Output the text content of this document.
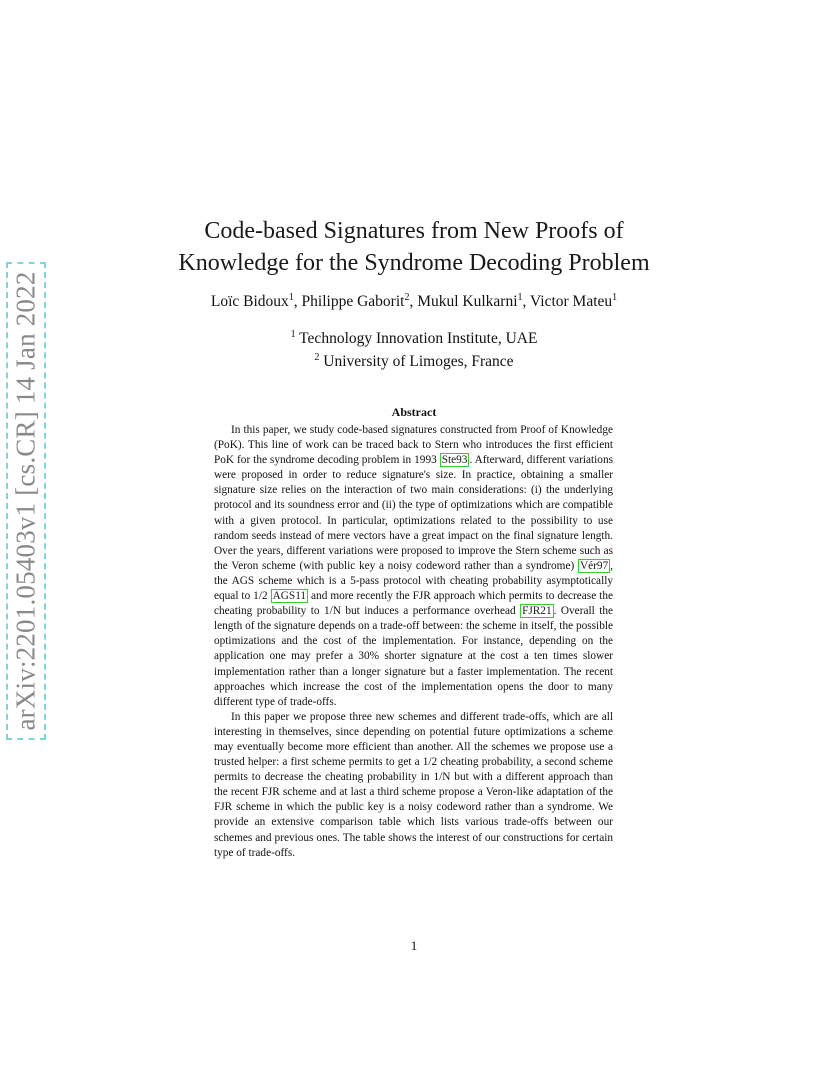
arXiv:2201.05403v1 [cs.CR] 14 Jan 2022
Code-based Signatures from New Proofs of
Knowledge for the Syndrome Decoding Problem
Loïc Bidoux$^1$, Philippe Gaborit$^2$, Mukul Kulkarni$^1$, Victor Mateu$^1$
$^1$ Technology Innovation Institute, UAE
$^2$ University of Limoges, France
Abstract

In this paper, we study code-based signatures constructed from Proof of Knowledge (PoK). This line of work can be traced back to Stern who introduces the first efficient PoK for the syndrome decoding problem in 1993 Ste93 . Afterward, different variations were proposed in order to reduce signature's size. In practice, obtaining a smaller signature size relies on the interaction of two main considerations: (i) the underlying protocol and its soundness error and (ii) the type of optimizations which are compatible with a given protocol. In particular, optimizations related to the possibility to use random seeds instead of mere vectors have a great impact on the final signature length. Over the years, different variations were proposed to improve the Stern scheme such as the Veron scheme (with public key a noisy codeword rather than a syndrome) Vér97 , the AGS scheme which is a 5-pass protocol with cheating probability asymptotically equal to 1/2 AGS11 and more recently the FJR approach which permits to decrease the cheating probability to 1/N but induces a performance overhead FJR21 . Overall the length of the signature depends on a trade-off between: the scheme in itself, the possible optimizations and the cost of the implementation. For instance, depending on the application one may prefer a 30% shorter signature at the cost a ten times slower implementation rather than a longer signature but a faster implementation. The recent approaches which increase the cost of the implementation opens the door to many different type of trade-offs.

In this paper we propose three new schemes and different trade-offs, which are all interesting in themselves, since depending on potential future optimizations a scheme may eventually become more efficient than another. All the schemes we propose use a trusted helper: a first scheme permits to get a 1/2 cheating probability, a second scheme permits to decrease the cheating probability in 1/N but with a different approach than the recent FJR scheme and at last a third scheme propose a Veron-like adaptation of the FJR scheme in which the public key is a noisy codeword rather than a syndrome. We provide an extensive comparison table which lists various trade-offs between our schemes and previous ones. The table shows the interest of our constructions for certain type of trade-offs.

1
